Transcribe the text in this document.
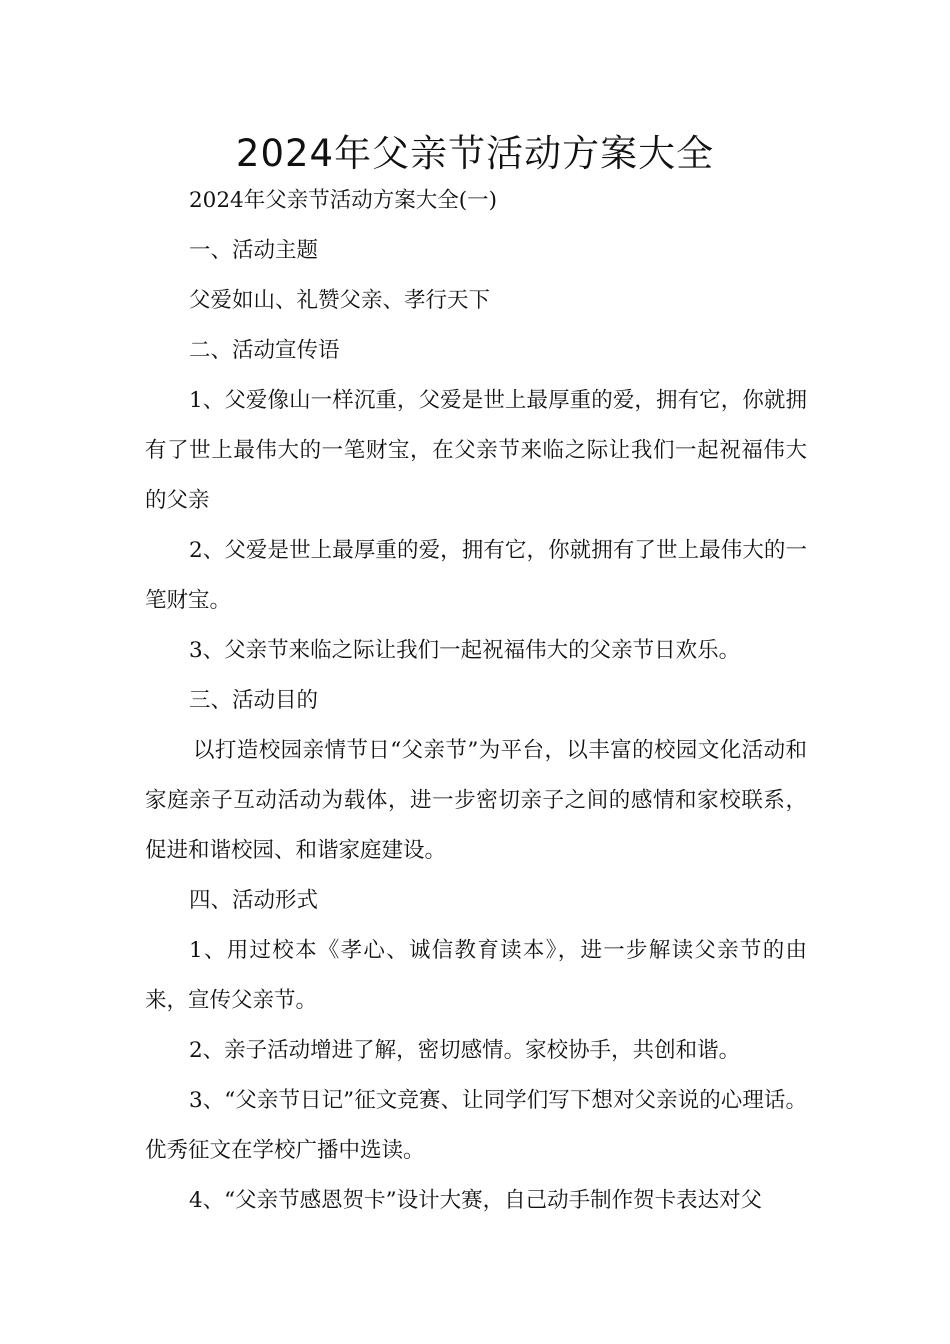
2024年父亲节活动方案大全

2024年父亲节活动方案大全(一)

一、活动主题

父爱如山、礼赞父亲、孝行天下

二、活动宣传语

1、父爱像山一样沉重，父爱是世上最厚重的爱，拥有它，你就拥有了世上最伟大的一笔财宝，在父亲节来临之际让我们一起祝福伟大的父亲

2、父爱是世上最厚重的爱，拥有它，你就拥有了世上最伟大的一笔财宝。

3、父亲节来临之际让我们一起祝福伟大的父亲节日欢乐。

三、活动目的

以打造校园亲情节日“父亲节”为平台，以丰富的校园文化活动和家庭亲子互动活动为载体，进一步密切亲子之间的感情和家校联系，促进和谐校园、和谐家庭建设。

四、活动形式

1、用过校本《孝心、诚信教育读本》，进一步解读父亲节的由来，宣传父亲节。

2、亲子活动增进了解，密切感情。家校协手，共创和谐。

3、“父亲节日记”征文竞赛、让同学们写下想对父亲说的心理话。优秀征文在学校广播中选读。

4、“父亲节感恩贺卡”设计大赛，自己动手制作贺卡表达对父
